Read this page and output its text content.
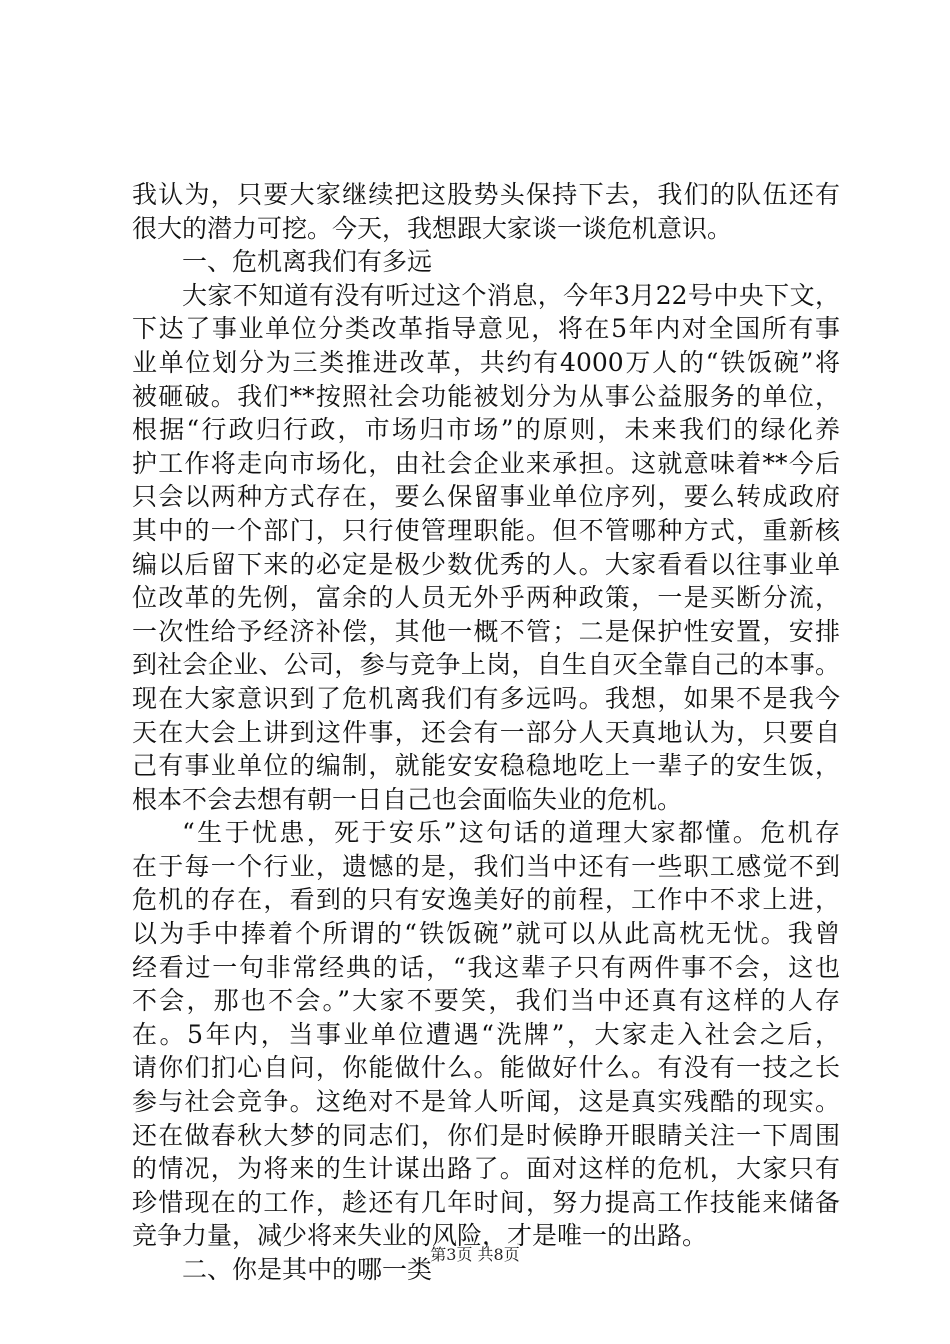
我认为，只要大家继续把这股势头保持下去，我们的队伍还有
很大的潜力可挖。今天，我想跟大家谈一谈危机意识。
一、危机离我们有多远
大家不知道有没有听过这个消息，今年3月22号中央下文，
下达了事业单位分类改革指导意见，将在5年内对全国所有事
业单位划分为三类推进改革，共约有4000万人的“铁饭碗”将
被砸破。我们**按照社会功能被划分为从事公益服务的单位，
根据“行政归行政，市场归市场”的原则，未来我们的绿化养
护工作将走向市场化，由社会企业来承担。这就意味着**今后
只会以两种方式存在，要么保留事业单位序列，要么转成政府
其中的一个部门，只行使管理职能。但不管哪种方式，重新核
编以后留下来的必定是极少数优秀的人。大家看看以往事业单
位改革的先例，富余的人员无外乎两种政策，一是买断分流，
一次性给予经济补偿，其他一概不管；二是保护性安置，安排
到社会企业、公司，参与竞争上岗，自生自灭全靠自己的本事。
现在大家意识到了危机离我们有多远吗。我想，如果不是我今
天在大会上讲到这件事，还会有一部分人天真地认为，只要自
己有事业单位的编制，就能安安稳稳地吃上一辈子的安生饭，
根本不会去想有朝一日自己也会面临失业的危机。
“生于忧患，死于安乐”这句话的道理大家都懂。危机存
在于每一个行业，遗憾的是，我们当中还有一些职工感觉不到
危机的存在，看到的只有安逸美好的前程，工作中不求上进，
以为手中捧着个所谓的“铁饭碗”就可以从此高枕无忧。我曾
经看过一句非常经典的话，“我这辈子只有两件事不会，这也
不会，那也不会。”大家不要笑，我们当中还真有这样的人存
在。5年内，当事业单位遭遇“洗牌”，大家走入社会之后，
请你们扪心自问，你能做什么。能做好什么。有没有一技之长
参与社会竞争。这绝对不是耸人听闻，这是真实残酷的现实。
还在做春秋大梦的同志们，你们是时候睁开眼睛关注一下周围
的情况，为将来的生计谋出路了。面对这样的危机，大家只有
珍惜现在的工作，趁还有几年时间，努力提高工作技能来储备
竞争力量，减少将来失业的风险，才是唯一的出路。
二、你是其中的哪一类
第3页 共8页
